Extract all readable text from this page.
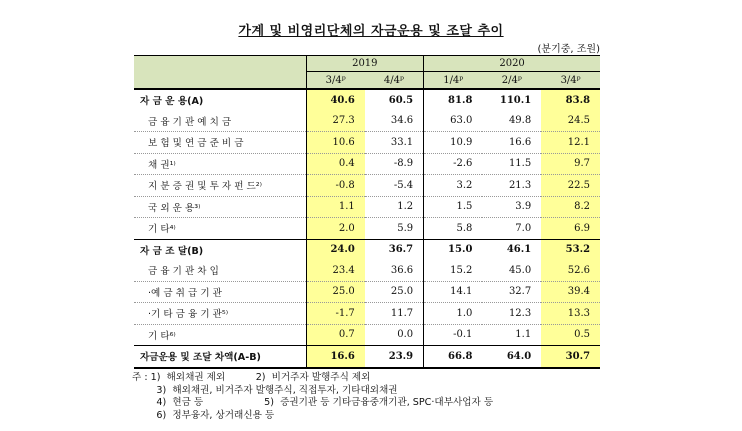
가계 및 비영리단체의 자금운용 및 조달 추이
(분기중, 조원)
	2019		2020		
	3/4ᵖ	4/4ᵖ	1/4ᵖ	2/4ᵖ	3/4ᵖ
자 금 운 용(A)	40.6	60.5	81.8	110.1	83.8
금 융 기 관 예 치 금	27.3	34.6	63.0	49.8	24.5
보 험 및 연 금 준 비 금	10.6	33.1	10.9	16.6	12.1
채 권¹⁾	0.4	-8.9	-2.6	11.5	9.7
지 분 증 권 및 투 자 펀 드²⁾	-0.8	-5.4	3.2	21.3	22.5
국 외 운 용³⁾	1.1	1.2	1.5	3.9	8.2
기 타⁴⁾	2.0	5.9	5.8	7.0	6.9
자 금 조 달(B)	24.0	36.7	15.0	46.1	53.2
금 융 기 관 차 입	23.4	36.6	15.2	45.0	52.6
·예 금 취 급 기 관	25.0	25.0	14.1	32.7	39.4
·기 타 금 융 기 관⁵⁾	-1.7	11.7	1.0	12.3	13.3
기 타⁶⁾	0.7	0.0	-0.1	1.1	0.5
자금운용 및 조달 차액(A-B)	16.6	23.9	66.8	64.0	30.7
주 : 1)  해외채권 제외          2)  비거주자 발행주식 제외
3)  해외채권, 비거주자 발행주식, 직접투자, 기타대외채권
4)  현금 등                    5)  증권기관 등 기타금융중개기관, SPC·대부사업자 등
6)  정부융자, 상거래신용 등
